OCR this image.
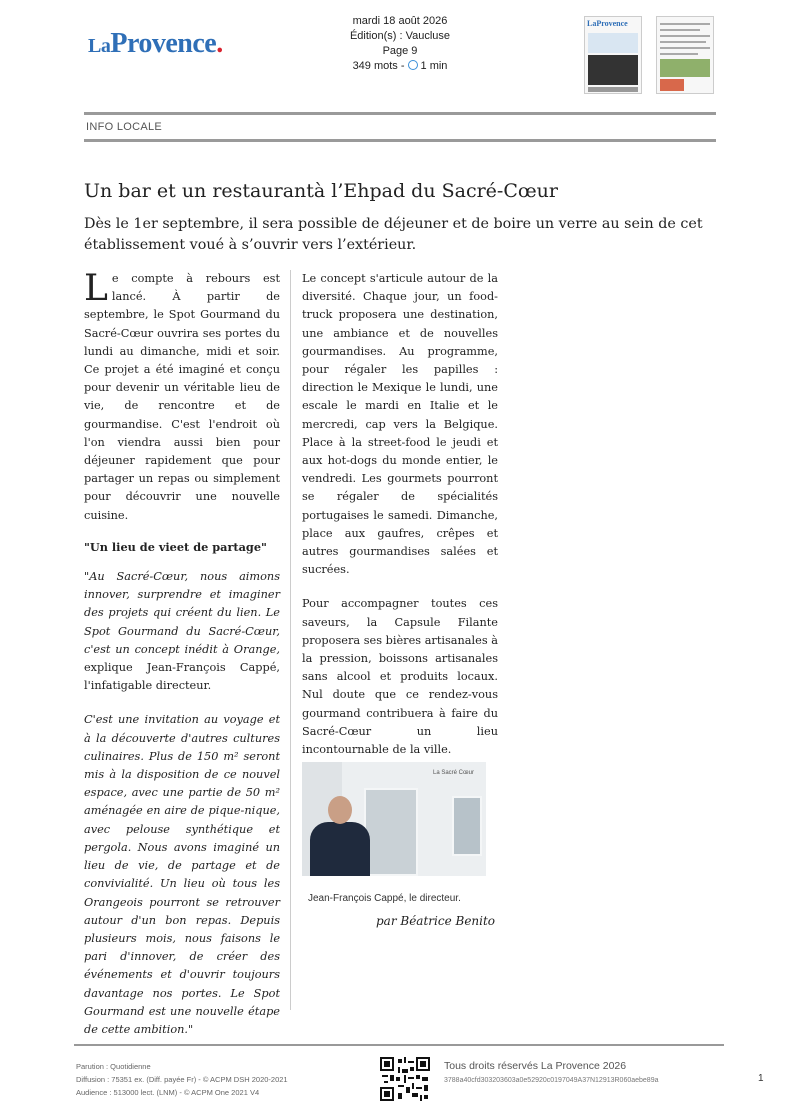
LaProvence.
mardi 18 août 2026
Édition(s) : Vaucluse
Page 9
349 mots - 1 min
LaProvence
INFO LOCALE
Un bar et un restaurantà l’Ehpad du Sacré-Cœur
Dès le 1er septembre, il sera possible de déjeuner et de boire un verre au sein de cet établissement voué à s’ouvrir vers l’extérieur.

Le compte à rebours est lancé. À partir de septembre, le Spot Gourmand du Sacré-Cœur ouvrira ses portes du lundi au dimanche, midi et soir. Ce projet a été imaginé et conçu pour devenir un véritable lieu de vie, de rencontre et de gourmandise. C'est l'endroit où l'on viendra aussi bien pour déjeuner rapidement que pour partager un repas ou simplement pour découvrir une nouvelle cuisine.

"Un lieu de vieet de partage"

"Au Sacré-Cœur, nous aimons innover, surprendre et imaginer des projets qui créent du lien. Le Spot Gourmand du Sacré-Cœur, c'est un concept inédit à Orange, explique Jean-François Cappé, l'infatigable directeur.

C'est une invitation au voyage et à la découverte d'autres cultures culinaires. Plus de 150 m² seront mis à la disposition de ce nouvel espace, avec une partie de 50 m² aménagée en aire de pique-nique, avec pelouse synthétique et pergola. Nous avons imaginé un lieu de vie, de partage et de convivialité. Un lieu où tous les Orangeois pourront se retrouver autour d'un bon repas. Depuis plusieurs mois, nous faisons le pari d'innover, de créer des événements et d'ouvrir toujours davantage nos portes. Le Spot Gourmand est une nouvelle étape de cette ambition."

Le concept s'articule autour de la diversité. Chaque jour, un food-truck proposera une destination, une ambiance et de nouvelles gourmandises. Au programme, pour régaler les papilles : direction le Mexique le lundi, une escale le mardi en Italie et le mercredi, cap vers la Belgique. Place à la street-food le jeudi et aux hot-dogs du monde entier, le vendredi. Les gourmets pourront se régaler de spécialités portugaises le samedi. Dimanche, place aux gaufres, crêpes et autres gourmandises salées et sucrées.

Pour accompagner toutes ces saveurs, la Capsule Filante proposera ses bières artisanales à la pression, boissons artisanales sans alcool et produits locaux. Nul doute que ce rendez-vous gourmand contribuera à faire du Sacré-Cœur un lieu incontournable de la ville.

La Sacré Cœur
Jean-François Cappé, le directeur.
par Béatrice Benito
Parution : Quotidienne
Diffusion : 75351 ex. (Diff. payée Fr) - © ACPM DSH 2020-2021
Audience : 513000 lect. (LNM) - © ACPM One 2021 V4
Tous droits réservés La Provence 2026
3788a40cfd303203603a0e52920c0197049A37N12913R060aebe89a	1
